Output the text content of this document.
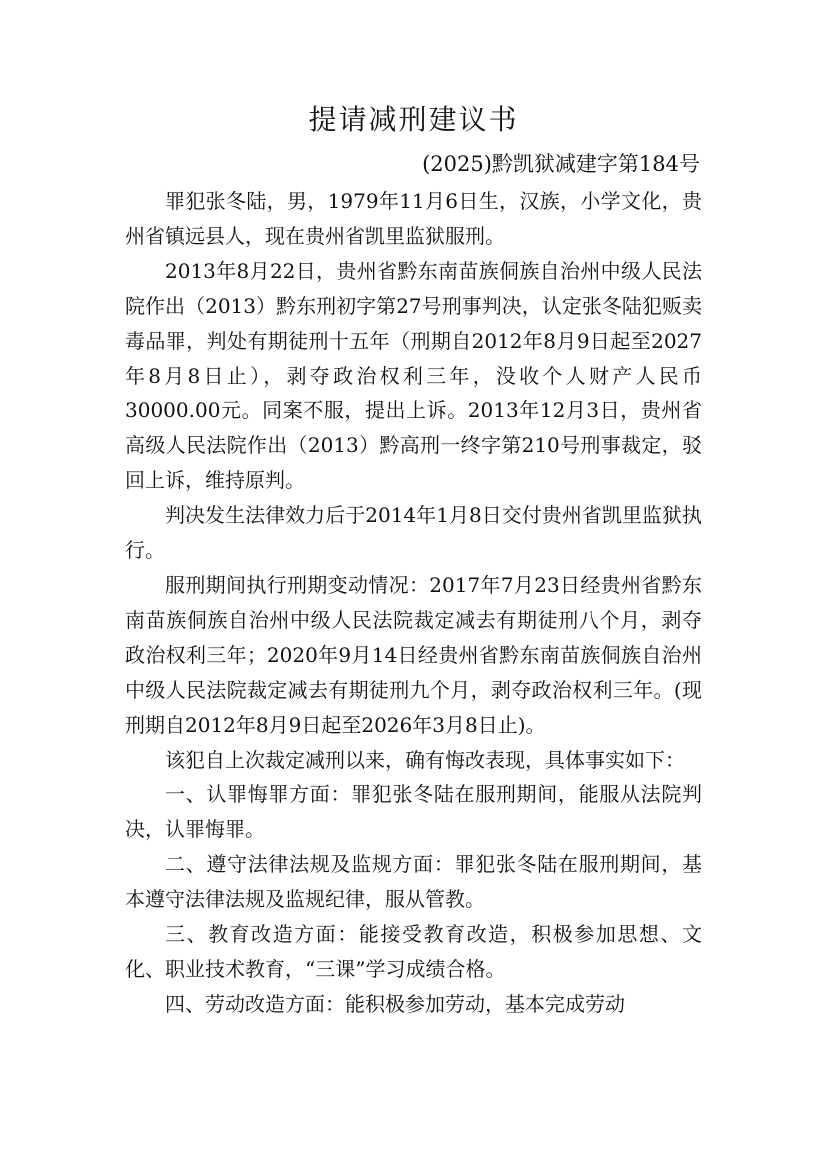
提请减刑建议书
(2025)黔凯狱减建字第184号

罪犯张冬陆，男，1979年11月6日生，汉族，小学文化，贵州省镇远县人，现在贵州省凯里监狱服刑。

2013年8月22日，贵州省黔东南苗族侗族自治州中级人民法院作出（2013）黔东刑初字第27号刑事判决，认定张冬陆犯贩卖毒品罪，判处有期徒刑十五年（刑期自2012年8月9日起至2027年8月8日止），剥夺政治权利三年，没收个人财产人民币30000.00元。同案不服，提出上诉。2013年12月3日，贵州省高级人民法院作出（2013）黔高刑一终字第210号刑事裁定，驳回上诉，维持原判。

判决发生法律效力后于2014年1月8日交付贵州省凯里监狱执行。

服刑期间执行刑期变动情况：2017年7月23日经贵州省黔东南苗族侗族自治州中级人民法院裁定减去有期徒刑八个月，剥夺政治权利三年；2020年9月14日经贵州省黔东南苗族侗族自治州中级人民法院裁定减去有期徒刑九个月，剥夺政治权利三年。(现刑期自2012年8月9日起至2026年3月8日止)。

该犯自上次裁定减刑以来，确有悔改表现，具体事实如下：

一、认罪悔罪方面：罪犯张冬陆在服刑期间，能服从法院判决，认罪悔罪。

二、遵守法律法规及监规方面：罪犯张冬陆在服刑期间，基本遵守法律法规及监规纪律，服从管教。

三、教育改造方面：能接受教育改造，积极参加思想、文化、职业技术教育，“三课”学习成绩合格。

四、劳动改造方面：能积极参加劳动，基本完成劳动
